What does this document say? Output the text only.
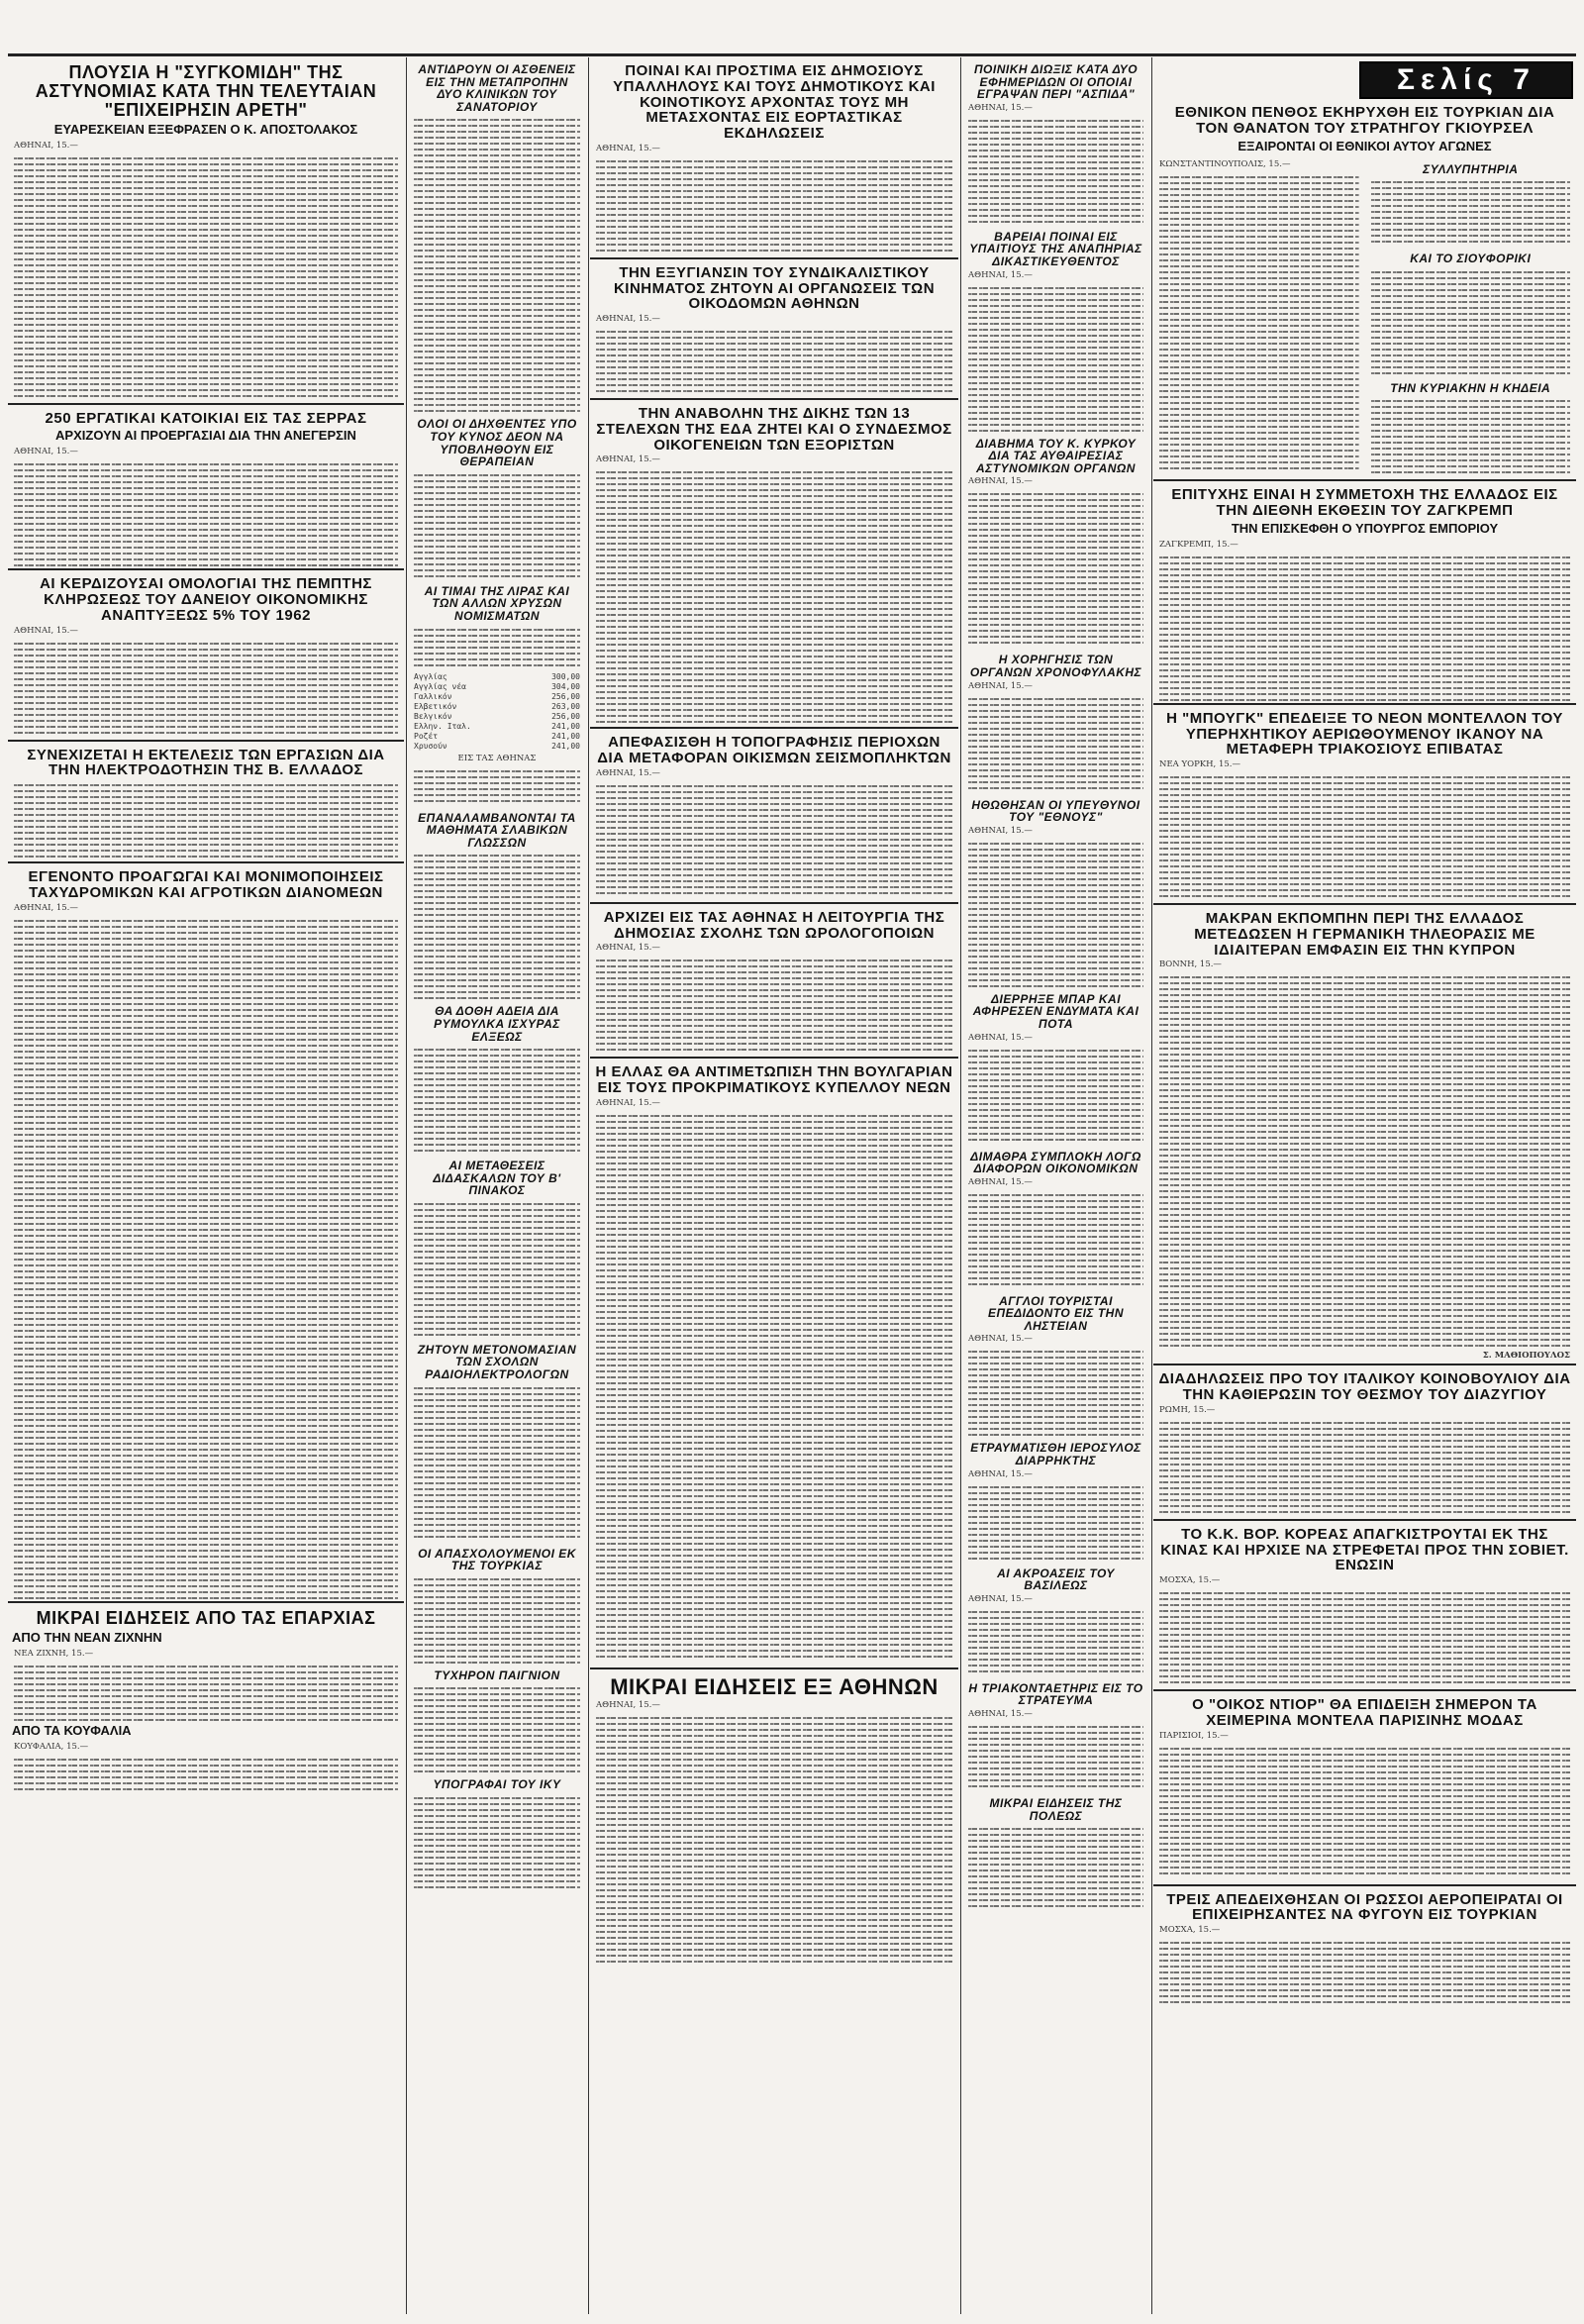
ΠΛΟΥΣΙΑ Η "ΣΥΓΚΟΜΙΔΗ" ΤΗΣ ΑΣΤΥΝΟΜΙΑΣ ΚΑΤΑ ΤΗΝ ΤΕΛΕΥΤΑΙΑΝ "ΕΠΙΧΕΙΡΗΣΙΝ ΑΡΕΤΗ"
ΕΥΑΡΕΣΚΕΙΑΝ ΕΞΕΦΡΑΣΕΝ Ο Κ. ΑΠΟΣΤΟΛΑΚΟΣ
ΑΘΗΝΑΙ, 15.—
250 ΕΡΓΑΤΙΚΑΙ ΚΑΤΟΙΚΙΑΙ ΕΙΣ ΤΑΣ ΣΕΡΡΑΣ
ΑΡΧΙΖΟΥΝ ΑΙ ΠΡΟΕΡΓΑΣΙΑΙ ΔΙΑ ΤΗΝ ΑΝΕΓΕΡΣΙΝ
ΑΘΗΝΑΙ, 15.—
ΑΙ ΚΕΡΔΙΖΟΥΣΑΙ ΟΜΟΛΟΓΙΑΙ ΤΗΣ ΠΕΜΠΤΗΣ ΚΛΗΡΩΣΕΩΣ ΤΟΥ ΔΑΝΕΙΟΥ ΟΙΚΟΝΟΜΙΚΗΣ ΑΝΑΠΤΥΞΕΩΣ 5% ΤΟΥ 1962
ΑΘΗΝΑΙ, 15.—
ΣΥΝΕΧΙΖΕΤΑΙ Η ΕΚΤΕΛΕΣΙΣ ΤΩΝ ΕΡΓΑΣΙΩΝ ΔΙΑ ΤΗΝ ΗΛΕΚΤΡΟΔΟΤΗΣΙΝ ΤΗΣ Β. ΕΛΛΑΔΟΣ
ΕΓΕΝΟΝΤΟ ΠΡΟΑΓΩΓΑΙ ΚΑΙ ΜΟΝΙΜΟΠΟΙΗΣΕΙΣ ΤΑΧΥΔΡΟΜΙΚΩΝ ΚΑΙ ΑΓΡΟΤΙΚΩΝ ΔΙΑΝΟΜΕΩΝ
ΑΘΗΝΑΙ, 15.—
ΜΙΚΡΑΙ ΕΙΔΗΣΕΙΣ ΑΠΟ ΤΑΣ ΕΠΑΡΧΙΑΣ
ΑΠΟ ΤΗΝ ΝΕΑΝ ΖΙΧΝΗΝ
ΝΕΑ ΖΙΧΝΗ, 15.—
ΑΠΟ ΤΑ ΚΟΥΦΑΛΙΑ
ΚΟΥΦΑΛΙΑ, 15.—
ΑΝΤΙΔΡΟΥΝ ΟΙ ΑΣΘΕΝΕΙΣ ΕΙΣ ΤΗΝ ΜΕΤΑΠΡΟΠΗΝ ΔΥΟ ΚΛΙΝΙΚΩΝ ΤΟΥ ΣΑΝΑΤΟΡΙΟΥ
ΟΛΟΙ ΟΙ ΔΗΧΘΕΝΤΕΣ ΥΠΟ ΤΟΥ ΚΥΝΟΣ ΔΕΟΝ ΝΑ ΥΠΟΒΛΗΘΟΥΝ ΕΙΣ ΘΕΡΑΠΕΙΑΝ
ΑΙ ΤΙΜΑΙ ΤΗΣ ΛΙΡΑΣ ΚΑΙ ΤΩΝ ΑΛΛΩΝ ΧΡΥΣΩΝ ΝΟΜΙΣΜΑΤΩΝ
Αγγλίας	300,00
Αγγλίας νέα	304,00
Γαλλικόν	256,00
Ελβετικόν	263,00
Βελγικόν	256,00
Ελλην. Ιταλ.	241,00
Ροζέτ	241,00
Χρυσούν	241,00
ΕΙΣ ΤΑΣ ΑΘΗΝΑΣ
ΕΠΑΝΑΛΑΜΒΑΝΟΝΤΑΙ ΤΑ ΜΑΘΗΜΑΤΑ ΣΛΑΒΙΚΩΝ ΓΛΩΣΣΩΝ
ΘΑ ΔΟΘΗ ΑΔΕΙΑ ΔΙΑ ΡΥΜΟΥΛΚΑ ΙΣΧΥΡΑΣ ΕΛΞΕΩΣ
ΑΙ ΜΕΤΑΘΕΣΕΙΣ ΔΙΔΑΣΚΑΛΩΝ ΤΟΥ Β' ΠΙΝΑΚΟΣ
ΖΗΤΟΥΝ ΜΕΤΟΝΟΜΑΣΙΑΝ ΤΩΝ ΣΧΟΛΩΝ ΡΑΔΙΟΗΛΕΚΤΡΟΛΟΓΩΝ
ΟΙ ΑΠΑΣΧΟΛΟΥΜΕΝΟΙ ΕΚ ΤΗΣ ΤΟΥΡΚΙΑΣ
ΤΥΧΗΡΟΝ ΠΑΙΓΝΙΟΝ
ΥΠΟΓΡΑΦΑΙ ΤΟΥ ΙΚΥ
ΠΟΙΝΑΙ ΚΑΙ ΠΡΟΣΤΙΜΑ ΕΙΣ ΔΗΜΟΣΙΟΥΣ ΥΠΑΛΛΗΛΟΥΣ ΚΑΙ ΤΟΥΣ ΔΗΜΟΤΙΚΟΥΣ ΚΑΙ ΚΟΙΝΟΤΙΚΟΥΣ ΑΡΧΟΝΤΑΣ ΤΟΥΣ ΜΗ ΜΕΤΑΣΧΟΝΤΑΣ ΕΙΣ ΕΟΡΤΑΣΤΙΚΑΣ ΕΚΔΗΛΩΣΕΙΣ
ΑΘΗΝΑΙ, 15.—
ΤΗΝ ΕΞΥΓΙΑΝΣΙΝ ΤΟΥ ΣΥΝΔΙΚΑΛΙΣΤΙΚΟΥ ΚΙΝΗΜΑΤΟΣ ΖΗΤΟΥΝ ΑΙ ΟΡΓΑΝΩΣΕΙΣ ΤΩΝ ΟΙΚΟΔΟΜΩΝ ΑΘΗΝΩΝ
ΑΘΗΝΑΙ, 15.—
ΤΗΝ ΑΝΑΒΟΛΗΝ ΤΗΣ ΔΙΚΗΣ ΤΩΝ 13 ΣΤΕΛΕΧΩΝ ΤΗΣ ΕΔΑ ΖΗΤΕΙ ΚΑΙ Ο ΣΥΝΔΕΣΜΟΣ ΟΙΚΟΓΕΝΕΙΩΝ ΤΩΝ ΕΞΟΡΙΣΤΩΝ
ΑΘΗΝΑΙ, 15.—
ΑΠΕΦΑΣΙΣΘΗ Η ΤΟΠΟΓΡΑΦΗΣΙΣ ΠΕΡΙΟΧΩΝ ΔΙΑ ΜΕΤΑΦΟΡΑΝ ΟΙΚΙΣΜΩΝ ΣΕΙΣΜΟΠΛΗΚΤΩΝ
ΑΘΗΝΑΙ, 15.—
ΑΡΧΙΖΕΙ ΕΙΣ ΤΑΣ ΑΘΗΝΑΣ Η ΛΕΙΤΟΥΡΓΙΑ ΤΗΣ ΔΗΜΟΣΙΑΣ ΣΧΟΛΗΣ ΤΩΝ ΩΡΟΛΟΓΟΠΟΙΩΝ
ΑΘΗΝΑΙ, 15.—
Η ΕΛΛΑΣ ΘΑ ΑΝΤΙΜΕΤΩΠΙΣΗ ΤΗΝ ΒΟΥΛΓΑΡΙΑΝ ΕΙΣ ΤΟΥΣ ΠΡΟΚΡΙΜΑΤΙΚΟΥΣ ΚΥΠΕΛΛΟΥ ΝΕΩΝ
ΑΘΗΝΑΙ, 15.—
ΜΙΚΡΑΙ ΕΙΔΗΣΕΙΣ ΕΞ ΑΘΗΝΩΝ
ΑΘΗΝΑΙ, 15.—
ΠΟΙΝΙΚΗ ΔΙΩΞΙΣ ΚΑΤΑ ΔΥΟ ΕΦΗΜΕΡΙΔΩΝ ΟΙ ΟΠΟΙΑΙ ΕΓΡΑΨΑΝ ΠΕΡΙ "ΑΣΠΙΔΑ"
ΑΘΗΝΑΙ, 15.—
ΒΑΡΕΙΑΙ ΠΟΙΝΑΙ ΕΙΣ ΥΠΑΙΤΙΟΥΣ ΤΗΣ ΑΝΑΠΗΡΙΑΣ ΔΙΚΑΣΤΙΚΕΥΘΕΝΤΟΣ
ΑΘΗΝΑΙ, 15.—
ΔΙΑΒΗΜΑ ΤΟΥ Κ. ΚΥΡΚΟΥ ΔΙΑ ΤΑΣ ΑΥΘΑΙΡΕΣΙΑΣ ΑΣΤΥΝΟΜΙΚΩΝ ΟΡΓΑΝΩΝ
ΑΘΗΝΑΙ, 15.—
Η ΧΟΡΗΓΗΣΙΣ ΤΩΝ ΟΡΓΑΝΩΝ ΧΡΟΝΟΦΥΛΑΚΗΣ
ΑΘΗΝΑΙ, 15.—
ΗΘΩΘΗΣΑΝ ΟΙ ΥΠΕΥΘΥΝΟΙ ΤΟΥ "ΕΘΝΟΥΣ"
ΑΘΗΝΑΙ, 15.—
ΔΙΕΡΡΗΞΕ ΜΠΑΡ ΚΑΙ ΑΦΗΡΕΣΕΝ ΕΝΔΥΜΑΤΑ ΚΑΙ ΠΟΤΑ
ΑΘΗΝΑΙ, 15.—
ΔΙΜΑΘΡΑ ΣΥΜΠΛΟΚΗ ΛΟΓΩ ΔΙΑΦΟΡΩΝ ΟΙΚΟΝΟΜΙΚΩΝ
ΑΘΗΝΑΙ, 15.—
ΑΓΓΛΟΙ ΤΟΥΡΙΣΤΑΙ ΕΠΕΔΙΔΟΝΤΟ ΕΙΣ ΤΗΝ ΛΗΣΤΕΙΑΝ
ΑΘΗΝΑΙ, 15.—
ΕΤΡΑΥΜΑΤΙΣΘΗ ΙΕΡΟΣΥΛΟΣ ΔΙΑΡΡΗΚΤΗΣ
ΑΘΗΝΑΙ, 15.—
ΑΙ ΑΚΡΟΑΣΕΙΣ ΤΟΥ ΒΑΣΙΛΕΩΣ
ΑΘΗΝΑΙ, 15.—
Η ΤΡΙΑΚΟΝΤΑΕΤΗΡΙΣ ΕΙΣ ΤΟ ΣΤΡΑΤΕΥΜΑ
ΑΘΗΝΑΙ, 15.—
ΜΙΚΡΑΙ ΕΙΔΗΣΕΙΣ ΤΗΣ ΠΟΛΕΩΣ
Σελίς 7
ΕΘΝΙΚΟΝ ΠΕΝΘΟΣ ΕΚΗΡΥΧΘΗ ΕΙΣ ΤΟΥΡΚΙΑΝ ΔΙΑ ΤΟΝ ΘΑΝΑΤΟΝ ΤΟΥ ΣΤΡΑΤΗΓΟΥ ΓΚΙΟΥΡΣΕΛ
ΕΞΑΙΡΟΝΤΑΙ ΟΙ ΕΘΝΙΚΟΙ ΑΥΤΟΥ ΑΓΩΝΕΣ
ΚΩΝΣΤΑΝΤΙΝΟΥΠΟΛΙΣ, 15.—	ΣΥΛΛΥΠΗΤΗΡΙΑ
ΚΑΙ ΤΟ ΣΙΟΥΦΟΡΙΚΙ
ΤΗΝ ΚΥΡΙΑΚΗΝ Η ΚΗΔΕΙΑ
ΕΠΙΤΥΧΗΣ ΕΙΝΑΙ Η ΣΥΜΜΕΤΟΧΗ ΤΗΣ ΕΛΛΑΔΟΣ ΕΙΣ ΤΗΝ ΔΙΕΘΝΗ ΕΚΘΕΣΙΝ ΤΟΥ ΖΑΓΚΡΕΜΠ
ΤΗΝ ΕΠΙΣΚΕΦΘΗ Ο ΥΠΟΥΡΓΟΣ ΕΜΠΟΡΙΟΥ
ΖΑΓΚΡΕΜΠ, 15.—
Η "ΜΠΟΥΓΚ" ΕΠΕΔΕΙΞΕ ΤΟ ΝΕΟΝ ΜΟΝΤΕΛΛΟΝ ΤΟΥ ΥΠΕΡΗΧΗΤΙΚΟΥ ΑΕΡΙΩΘΟΥΜΕΝΟΥ ΙΚΑΝΟΥ ΝΑ ΜΕΤΑΦΕΡΗ ΤΡΙΑΚΟΣΙΟΥΣ ΕΠΙΒΑΤΑΣ
ΝΕΑ ΥΟΡΚΗ, 15.—
ΜΑΚΡΑΝ ΕΚΠΟΜΠΗΝ ΠΕΡΙ ΤΗΣ ΕΛΛΑΔΟΣ ΜΕΤΕΔΩΣΕΝ Η ΓΕΡΜΑΝΙΚΗ ΤΗΛΕΟΡΑΣΙΣ ΜΕ ΙΔΙΑΙΤΕΡΑΝ ΕΜΦΑΣΙΝ ΕΙΣ ΤΗΝ ΚΥΠΡΟΝ
ΒΟΝΝΗ, 15.—
Σ. ΜΑΘΙΟΠΟΥΛΟΣ
ΔΙΑΔΗΛΩΣΕΙΣ ΠΡΟ ΤΟΥ ΙΤΑΛΙΚΟΥ ΚΟΙΝΟΒΟΥΛΙΟΥ ΔΙΑ ΤΗΝ ΚΑΘΙΕΡΩΣΙΝ ΤΟΥ ΘΕΣΜΟΥ ΤΟΥ ΔΙΑΖΥΓΙΟΥ
ΡΩΜΗ, 15.—
ΤΟ Κ.Κ. ΒΟΡ. ΚΟΡΕΑΣ ΑΠΑΓΚΙΣΤΡΟΥΤΑΙ ΕΚ ΤΗΣ ΚΙΝΑΣ ΚΑΙ ΗΡΧΙΣΕ ΝΑ ΣΤΡΕΦΕΤΑΙ ΠΡΟΣ ΤΗΝ ΣΟΒΙΕΤ. ΕΝΩΣΙΝ
ΜΟΣΧΑ, 15.—
Ο "ΟΙΚΟΣ ΝΤΙΟΡ" ΘΑ ΕΠΙΔΕΙΞΗ ΣΗΜΕΡΟΝ ΤΑ ΧΕΙΜΕΡΙΝΑ ΜΟΝΤΕΛΑ ΠΑΡΙΣΙΝΗΣ ΜΟΔΑΣ
ΠΑΡΙΣΙΟΙ, 15.—
ΤΡΕΙΣ ΑΠΕΔΕΙΧΘΗΣΑΝ ΟΙ ΡΩΣΣΟΙ ΑΕΡΟΠΕΙΡΑΤΑΙ ΟΙ ΕΠΙΧΕΙΡΗΣΑΝΤΕΣ ΝΑ ΦΥΓΟΥΝ ΕΙΣ ΤΟΥΡΚΙΑΝ
ΜΟΣΧΑ, 15.—
